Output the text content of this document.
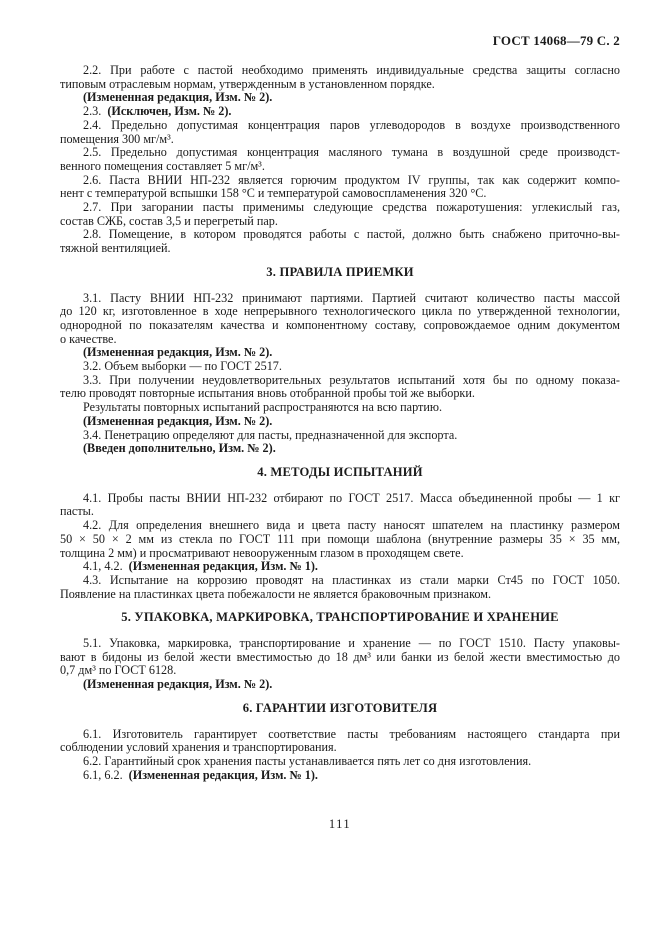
ГОСТ 14068—79 С. 2
2.2. При работе с пастой необходимо применять индивидуальные средства защиты согласно
типовым отраслевым нормам, утвержденным в установленном порядке.
(Измененная редакция, Изм. № 2).
2.3. (Исключен, Изм. № 2).
2.4. Предельно допустимая концентрация паров углеводородов в воздухе производственного
помещения 300 мг/м³.
2.5. Предельно допустимая концентрация масляного тумана в воздушной среде производст-
венного помещения составляет 5 мг/м³.
2.6. Паста ВНИИ НП-232 является горючим продуктом IV группы, так как содержит компо-
нент с температурой вспышки 158 °С и температурой самовоспламенения 320 °С.
2.7. При загорании пасты применимы следующие средства пожаротушения: углекислый газ,
состав СЖБ, состав 3,5 и перегретый пар.
2.8. Помещение, в котором проводятся работы с пастой, должно быть снабжено приточно-вы-
тяжной вентиляцией.
3. ПРАВИЛА ПРИЕМКИ
3.1. Пасту ВНИИ НП-232 принимают партиями. Партией считают количество пасты массой
до 120 кг, изготовленное в ходе непрерывного технологического цикла по утвержденной технологии,
однородной по показателям качества и компонентному составу, сопровождаемое одним документом
о качестве.
(Измененная редакция, Изм. № 2).
3.2. Объем выборки — по ГОСТ 2517.
3.3. При получении неудовлетворительных результатов испытаний хотя бы по одному показа-
телю проводят повторные испытания вновь отобранной пробы той же выборки.
Результаты повторных испытаний распространяются на всю партию.
(Измененная редакция, Изм. № 2).
3.4. Пенетрацию определяют для пасты, предназначенной для экспорта.
(Введен дополнительно, Изм. № 2).
4. МЕТОДЫ ИСПЫТАНИЙ
4.1. Пробы пасты ВНИИ НП-232 отбирают по ГОСТ 2517. Масса объединенной пробы — 1 кг
пасты.
4.2. Для определения внешнего вида и цвета пасту наносят шпателем на пластинку размером
50 × 50 × 2 мм из стекла по ГОСТ 111 при помощи шаблона (внутренние размеры 35 × 35 мм,
толщина 2 мм) и просматривают невооруженным глазом в проходящем свете.
4.1, 4.2. (Измененная редакция, Изм. № 1).
4.3. Испытание на коррозию проводят на пластинках из стали марки Ст45 по ГОСТ 1050.
Появление на пластинках цвета побежалости не является браковочным признаком.
5. УПАКОВКА, МАРКИРОВКА, ТРАНСПОРТИРОВАНИЕ И ХРАНЕНИЕ
5.1. Упаковка, маркировка, транспортирование и хранение — по ГОСТ 1510. Пасту упаковы-
вают в бидоны из белой жести вместимостью до 18 дм³ или банки из белой жести вместимостью до
0,7 дм³ по ГОСТ 6128.
(Измененная редакция, Изм. № 2).
6. ГАРАНТИИ ИЗГОТОВИТЕЛЯ
6.1. Изготовитель гарантирует соответствие пасты требованиям настоящего стандарта при
соблюдении условий хранения и транспортирования.
6.2. Гарантийный срок хранения пасты устанавливается пять лет со дня изготовления.
6.1, 6.2. (Измененная редакция, Изм. № 1).
111
